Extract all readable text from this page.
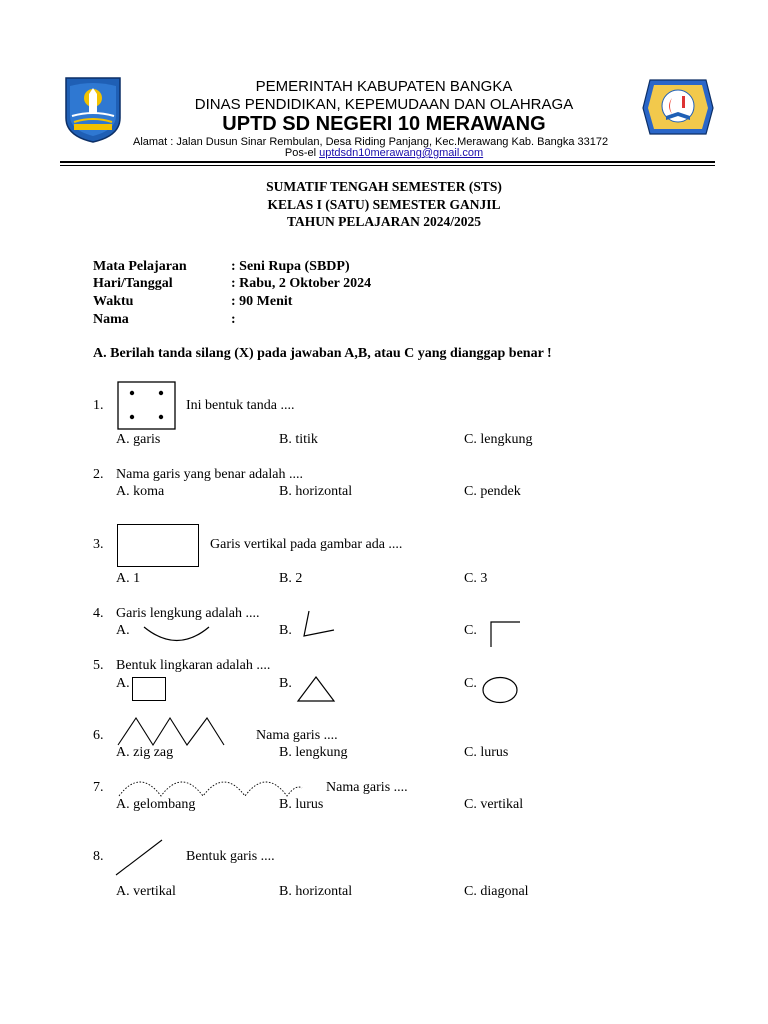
PEMERINTAH KABUPATEN BANGKA
DINAS PENDIDIKAN, KEPEMUDAAN DAN OLAHRAGA
UPTD SD NEGERI 10 MERAWANG
Alamat : Jalan Dusun Sinar Rembulan, Desa Riding Panjang, Kec.Merawang Kab. Bangka 33172
Pos-el uptdsdn10merawang@gmail.com
SUMATIF TENGAH SEMESTER (STS)
KELAS I (SATU) SEMESTER GANJIL
TAHUN PELAJARAN 2024/2025
Mata Pelajaran	: Seni Rupa (SBDP)
Hari/Tanggal	: Rabu, 2 Oktober 2024
Waktu	: 90 Menit
Nama	:
A. Berilah tanda silang (X) pada jawaban A,B, atau C yang dianggap benar !
1.	Ini bentuk tanda ....
A. garis	B. titik	C. lengkung
2. Nama garis yang benar adalah ....
A. koma	B. horizontal	C. pendek
3.	Garis vertikal pada gambar ada ....
A. 1	B. 2	C. 3
4. Garis lengkung adalah ....
A.	B.	C.
5. Bentuk lingkaran adalah ....
A.	B.	C.
6.	Nama garis ....
A. zig zag	B. lengkung	C. lurus
7.	Nama garis ....
A. gelombang	B. lurus	C. vertikal
8.	Bentuk garis ....
A. vertikal	B. horizontal	C. diagonal
